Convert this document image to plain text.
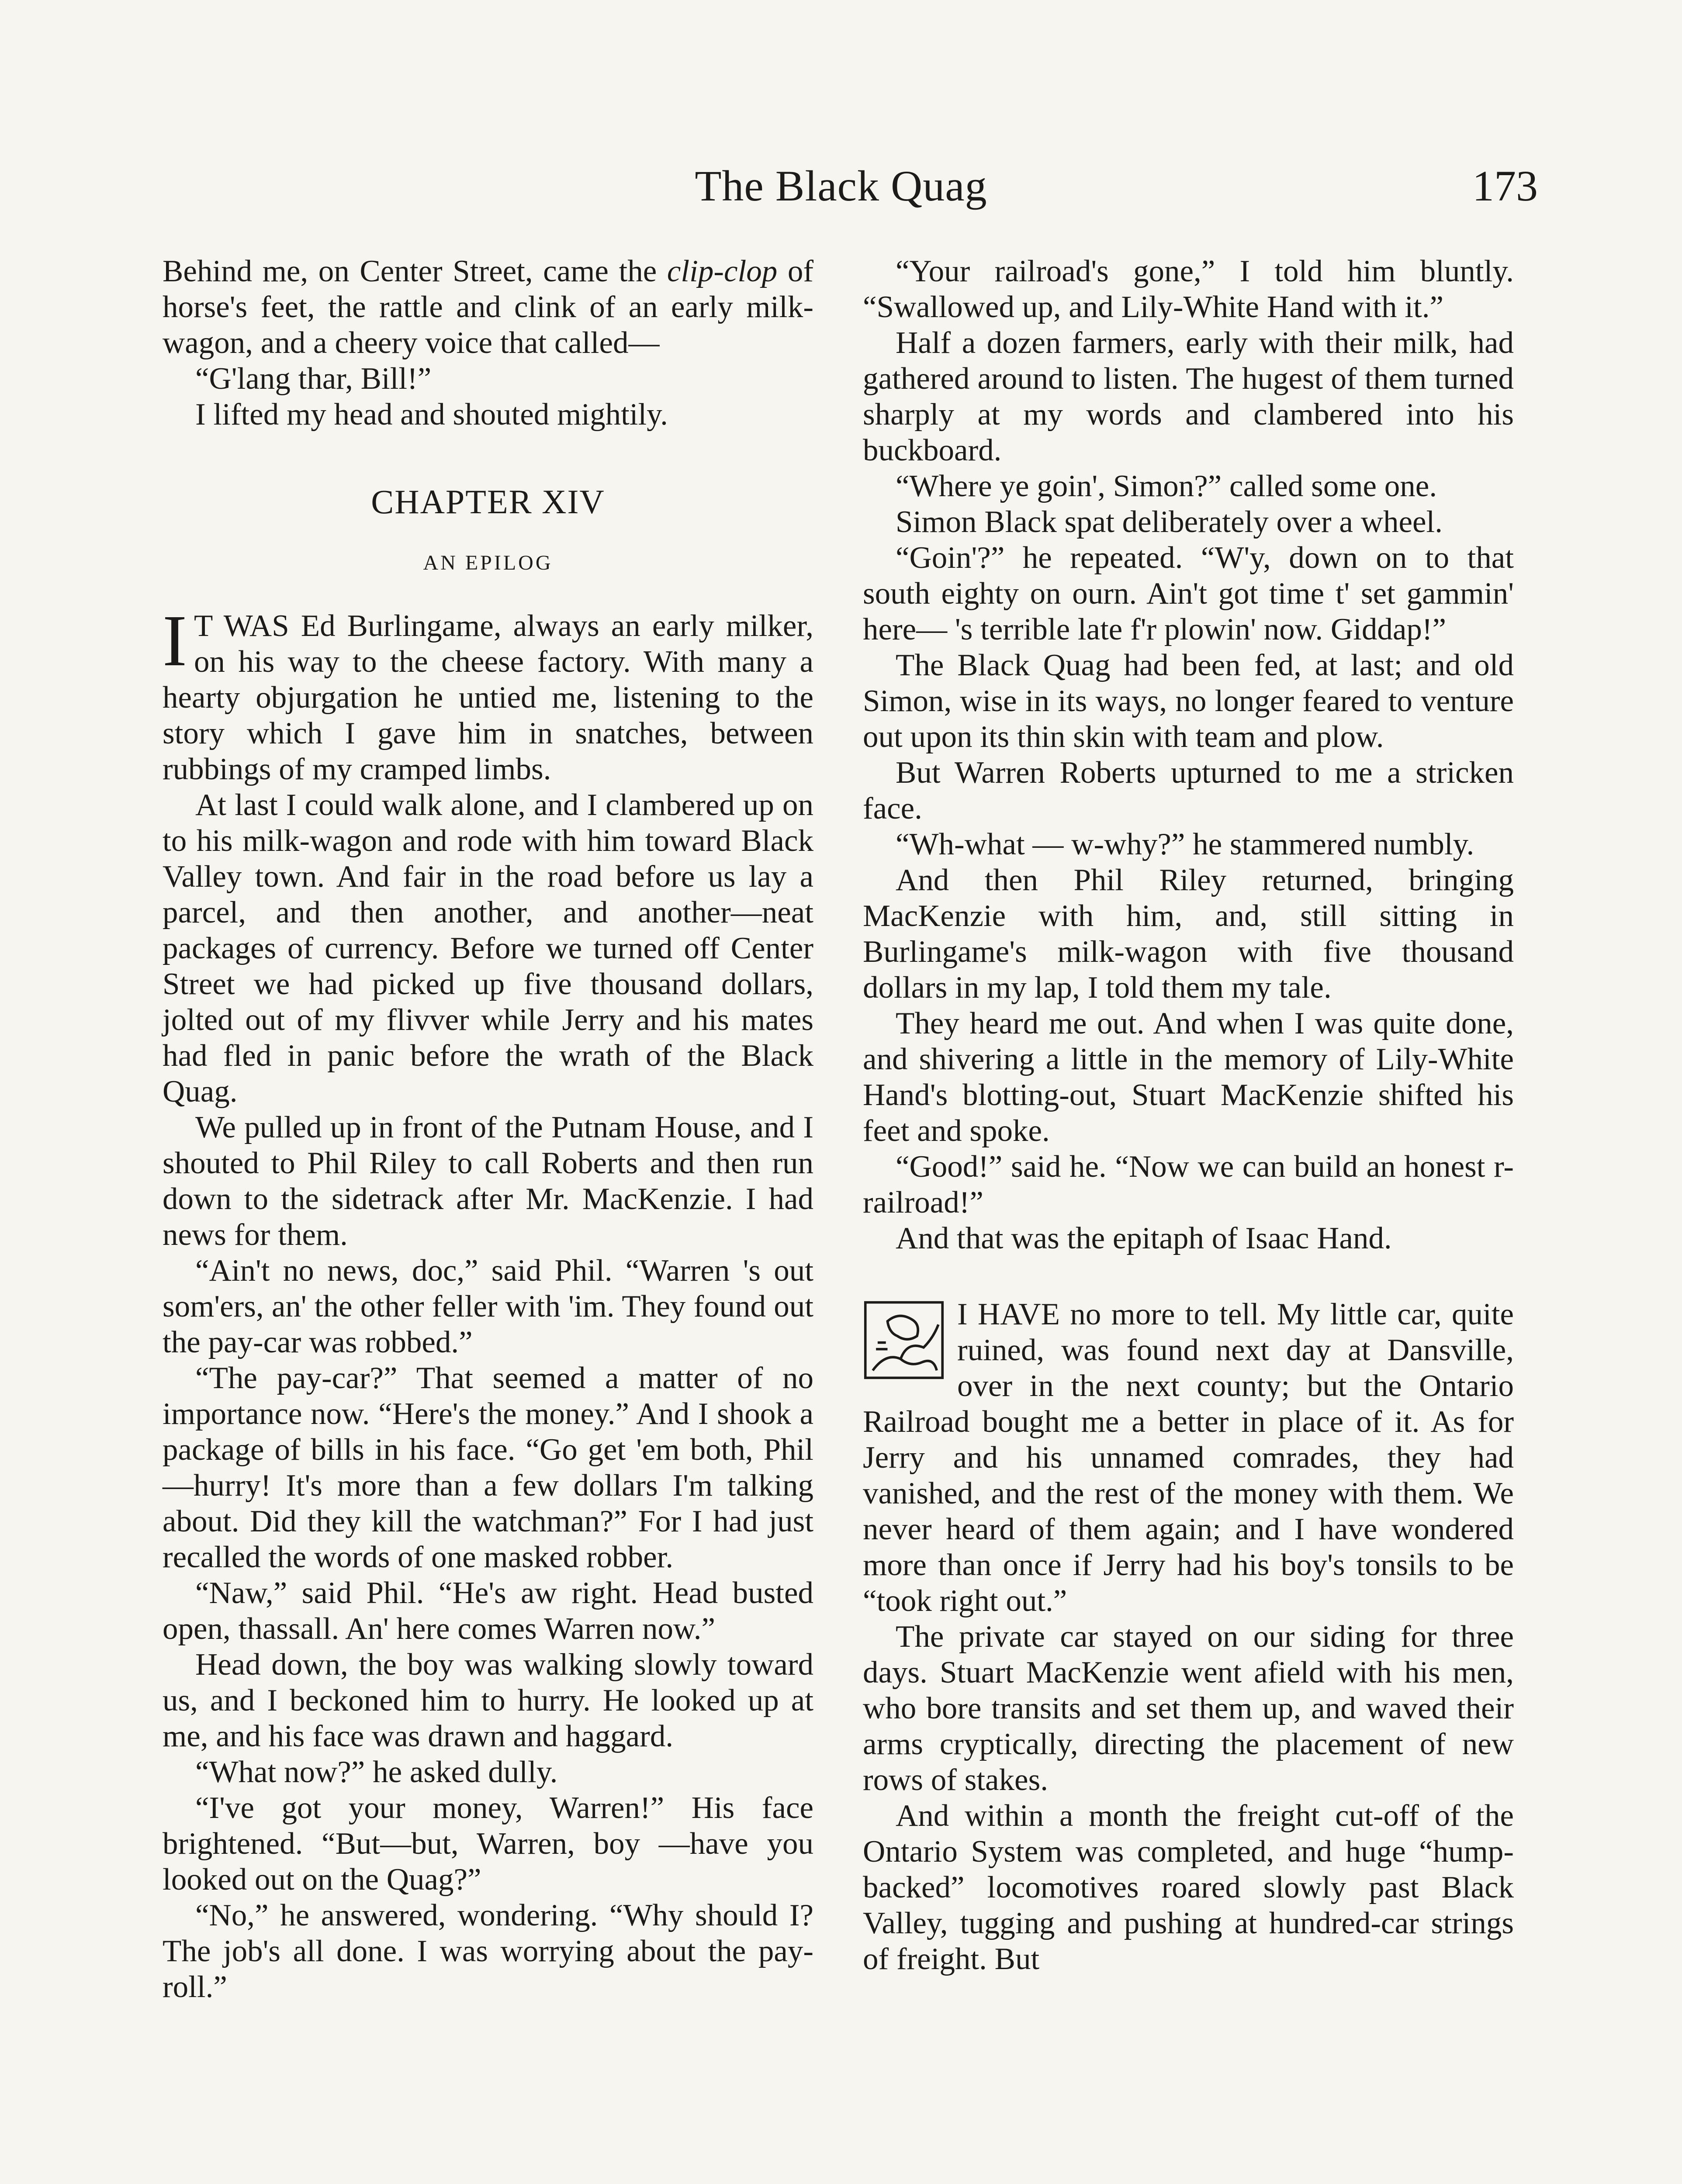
The Black Quag	173

Behind me, on Center Street, came the clip-clop of horse's feet, the rattle and clink of an early milk-wagon, and a cheery voice that called—

“G'lang thar, Bill!”

I lifted my head and shouted mightily.

CHAPTER XIV
AN EPILOG

I T WAS Ed Burlingame, always an early milker, on his way to the cheese factory. With many a hearty objurgation he untied me, listening to the story which I gave him in snatches, between rubbings of my cramped limbs.

At last I could walk alone, and I clambered up on to his milk-wagon and rode with him toward Black Valley town. And fair in the road before us lay a parcel, and then another, and another—neat packages of currency. Before we turned off Center Street we had picked up five thousand dollars, jolted out of my flivver while Jerry and his mates had fled in panic before the wrath of the Black Quag.

We pulled up in front of the Putnam House, and I shouted to Phil Riley to call Roberts and then run down to the sidetrack after Mr. MacKenzie. I had news for them.

“Ain't no news, doc,” said Phil. “Warren 's out som'ers, an' the other feller with 'im. They found out the pay-car was robbed.”

“The pay-car?” That seemed a matter of no importance now. “Here's the money.” And I shook a package of bills in his face. “Go get 'em both, Phil—hurry! It's more than a few dollars I'm talking about. Did they kill the watchman?” For I had just recalled the words of one masked robber.

“Naw,” said Phil. “He's aw right. Head busted open, thassall. An' here comes Warren now.”

Head down, the boy was walking slowly toward us, and I beckoned him to hurry. He looked up at me, and his face was drawn and haggard.

“What now?” he asked dully.

“I've got your money, Warren!” His face brightened. “But—but, Warren, boy —have you looked out on the Quag?”

“No,” he answered, wondering. “Why should I? The job's all done. I was worrying about the pay-roll.”

“Your railroad's gone,” I told him bluntly. “Swallowed up, and Lily-White Hand with it.”

Half a dozen farmers, early with their milk, had gathered around to listen. The hugest of them turned sharply at my words and clambered into his buckboard.

“Where ye goin', Simon?” called some one.

Simon Black spat deliberately over a wheel.

“Goin'?” he repeated. “W'y, down on to that south eighty on ourn. Ain't got time t' set gammin' here— 's terrible late f'r plowin' now. Giddap!”

The Black Quag had been fed, at last; and old Simon, wise in its ways, no longer feared to venture out upon its thin skin with team and plow.

But Warren Roberts upturned to me a stricken face.

“Wh-what — w-why?” he stammered numbly.

And then Phil Riley returned, bringing MacKenzie with him, and, still sitting in Burlingame's milk-wagon with five thousand dollars in my lap, I told them my tale.

They heard me out. And when I was quite done, and shivering a little in the memory of Lily-White Hand's blotting-out, Stuart MacKenzie shifted his feet and spoke.

“Good!” said he. “Now we can build an honest r-railroad!”

And that was the epitaph of Isaac Hand.

I HAVE no more to tell. My little car, quite ruined, was found next day at Dansville, over in the next county; but the Ontario Railroad bought me a better in place of it. As for Jerry and his unnamed comrades, they had vanished, and the rest of the money with them. We never heard of them again; and I have wondered more than once if Jerry had his boy's tonsils to be “took right out.”

The private car stayed on our siding for three days. Stuart MacKenzie went afield with his men, who bore transits and set them up, and waved their arms cryptically, directing the placement of new rows of stakes.

And within a month the freight cut-off of the Ontario System was completed, and huge “hump-backed” locomotives roared slowly past Black Valley, tugging and pushing at hundred-car strings of freight. But
